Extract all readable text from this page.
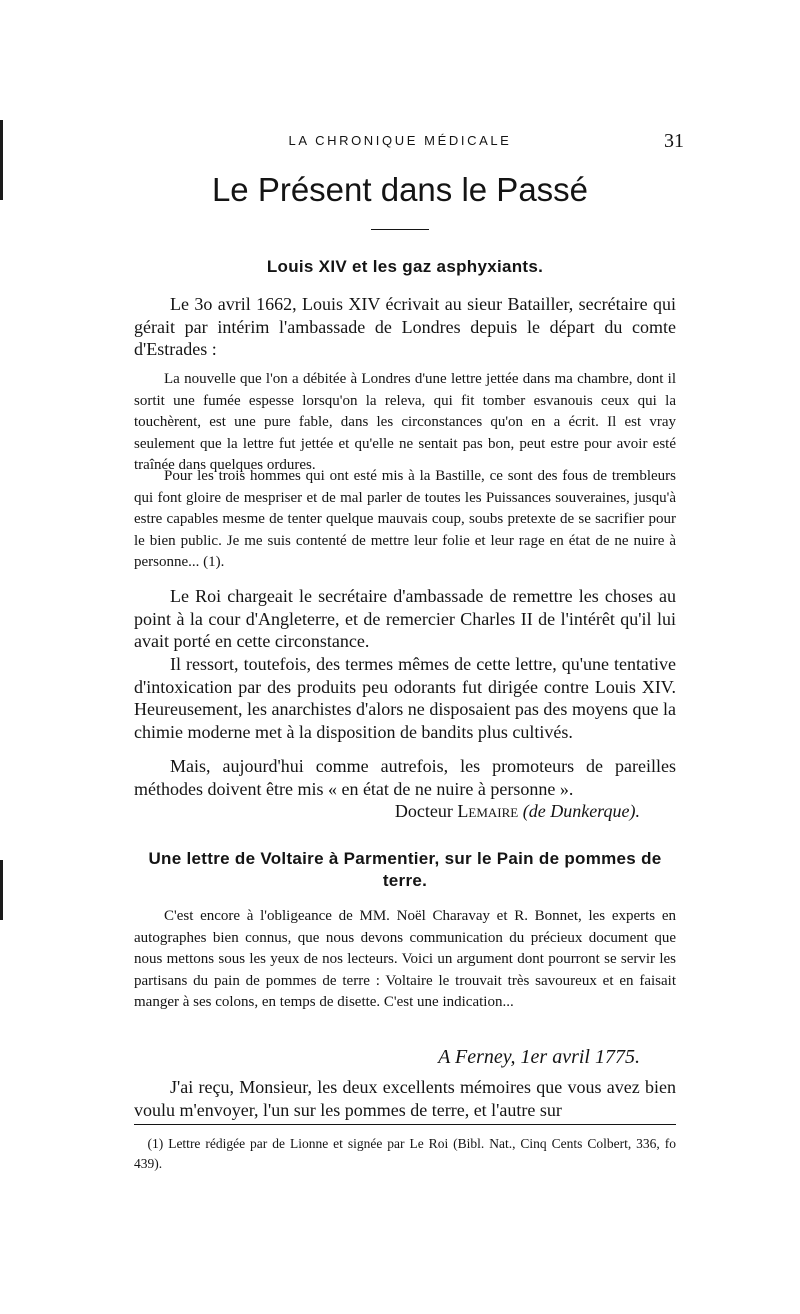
LA CHRONIQUE MÉDICALE	31
Le Présent dans le Passé
Louis XIV et les gaz asphyxiants.

Le 3o avril 1662, Louis XIV écrivait au sieur Batailler, secrétaire qui gérait par intérim l'ambassade de Londres depuis le départ du comte d'Estrades :

La nouvelle que l'on a débitée à Londres d'une lettre jettée dans ma chambre, dont il sortit une fumée espesse lorsqu'on la releva, qui fit tomber esvanouis ceux qui la touchèrent, est une pure fable, dans les circonstances qu'on en a écrit. Il est vray seulement que la lettre fut jettée et qu'elle ne sentait pas bon, peut estre pour avoir esté traînée dans quelques ordures.

Pour les trois hommes qui ont esté mis à la Bastille, ce sont des fous de trembleurs qui font gloire de mespriser et de mal parler de toutes les Puissances souveraines, jusqu'à estre capables mesme de tenter quelque mauvais coup, soubs pretexte de se sacrifier pour le bien public. Je me suis contenté de mettre leur folie et leur rage en état de ne nuire à personne... (1).

Le Roi chargeait le secrétaire d'ambassade de remettre les choses au point à la cour d'Angleterre, et de remercier Charles II de l'intérêt qu'il lui avait porté en cette circonstance.

Il ressort, toutefois, des termes mêmes de cette lettre, qu'une tentative d'intoxication par des produits peu odorants fut dirigée contre Louis XIV. Heureusement, les anarchistes d'alors ne disposaient pas des moyens que la chimie moderne met à la disposition de bandits plus cultivés.

Mais, aujourd'hui comme autrefois, les promoteurs de pareilles méthodes doivent être mis « en état de ne nuire à personne ».

Docteur Lemaire (de Dunkerque).
Une lettre de Voltaire à Parmentier, sur le Pain de pommes de terre.

C'est encore à l'obligeance de MM. Noël Charavay et R. Bonnet, les experts en autographes bien connus, que nous devons communication du précieux document que nous mettons sous les yeux de nos lecteurs. Voici un argument dont pourront se servir les partisans du pain de pommes de terre : Voltaire le trouvait très savoureux et en faisait manger à ses colons, en temps de disette. C'est une indication...

A Ferney, 1er avril 1775.

J'ai reçu, Monsieur, les deux excellents mémoires que vous avez bien voulu m'envoyer, l'un sur les pommes de terre, et l'autre sur

(1) Lettre rédigée par de Lionne et signée par Le Roi (Bibl. Nat., Cinq Cents Colbert, 336, fo 439).
